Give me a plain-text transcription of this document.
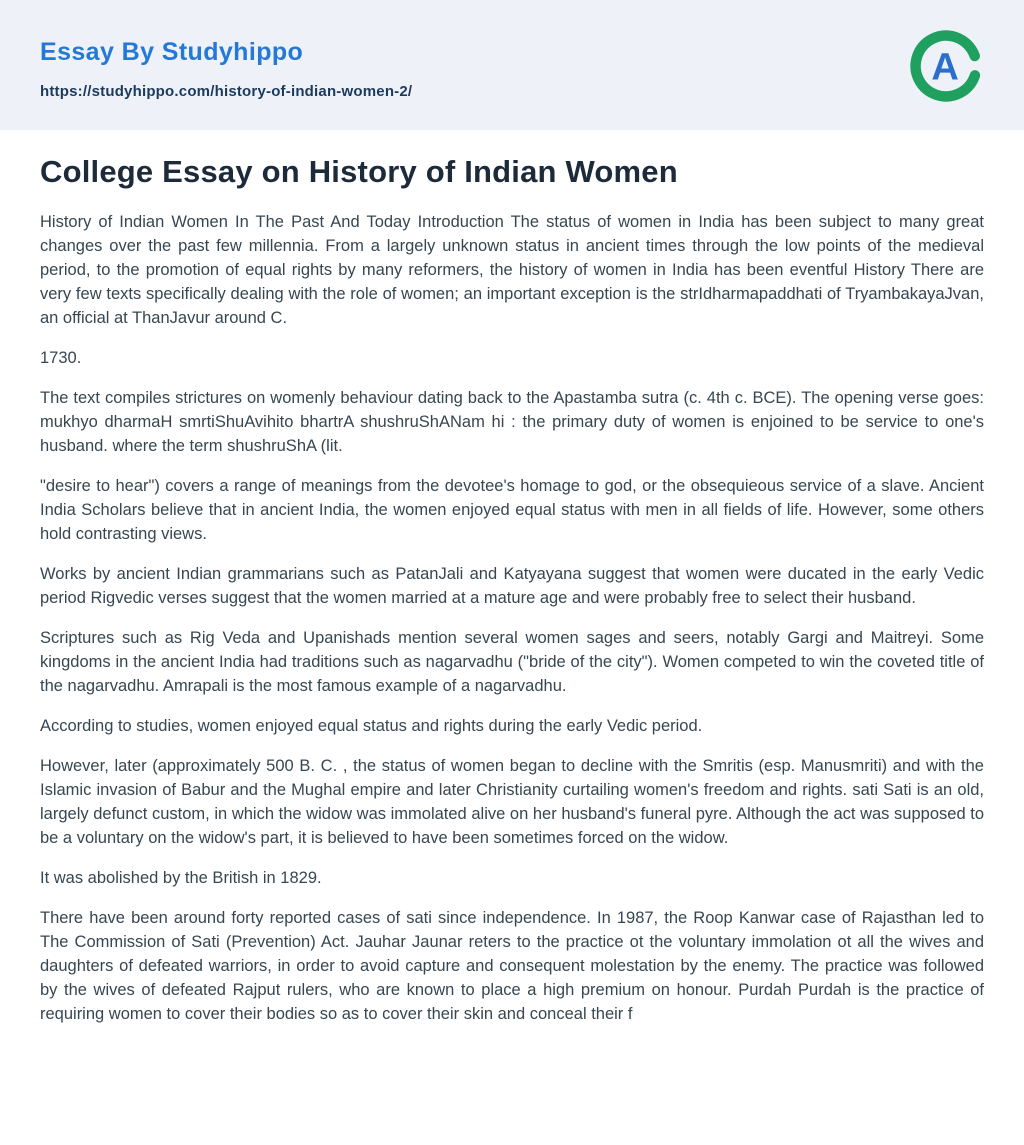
Essay By Studyhippo
https://studyhippo.com/history-of-indian-women-2/
A
College Essay on History of Indian Women

History of Indian Women In The Past And Today Introduction The status of women in India has been subject to many great changes over the past few millennia. From a largely unknown status in ancient times through the low points of the medieval period, to the promotion of equal rights by many reformers, the history of women in India has been eventful History There are very few texts specifically dealing with the role of women; an important exception is the strIdharmapaddhati of TryambakayaJvan, an official at ThanJavur around C.

1730.

The text compiles strictures on womenly behaviour dating back to the Apastamba sutra (c. 4th c. BCE). The opening verse goes: mukhyo dharmaH smrtiShuAvihito bhartrA shushruShANam hi : the primary duty of women is enjoined to be service to one's husband. where the term shushruShA (lit.

"desire to hear") covers a range of meanings from the devotee's homage to god, or the obsequieous service of a slave. Ancient India Scholars believe that in ancient India, the women enjoyed equal status with men in all fields of life. However, some others hold contrasting views.

Works by ancient Indian grammarians such as PatanJali and Katyayana suggest that women were ducated in the early Vedic period Rigvedic verses suggest that the women married at a mature age and were probably free to select their husband.

Scriptures such as Rig Veda and Upanishads mention several women sages and seers, notably Gargi and Maitreyi. Some kingdoms in the ancient India had traditions such as nagarvadhu ("bride of the city"). Women competed to win the coveted title of the nagarvadhu. Amrapali is the most famous example of a nagarvadhu.

According to studies, women enjoyed equal status and rights during the early Vedic period.

However, later (approximately 500 B. C. , the status of women began to decline with the Smritis (esp. Manusmriti) and with the Islamic invasion of Babur and the Mughal empire and later Christianity curtailing women's freedom and rights. sati Sati is an old, largely defunct custom, in which the widow was immolated alive on her husband's funeral pyre. Although the act was supposed to be a voluntary on the widow's part, it is believed to have been sometimes forced on the widow.

It was abolished by the British in 1829.

There have been around forty reported cases of sati since independence. In 1987, the Roop Kanwar case of Rajasthan led to The Commission of Sati (Prevention) Act. Jauhar Jaunar reters to the practice ot the voluntary immolation ot all the wives and daughters of defeated warriors, in order to avoid capture and consequent molestation by the enemy. The practice was followed by the wives of defeated Rajput rulers, who are known to place a high premium on honour. Purdah Purdah is the practice of requiring women to cover their bodies so as to cover their skin and conceal their f
